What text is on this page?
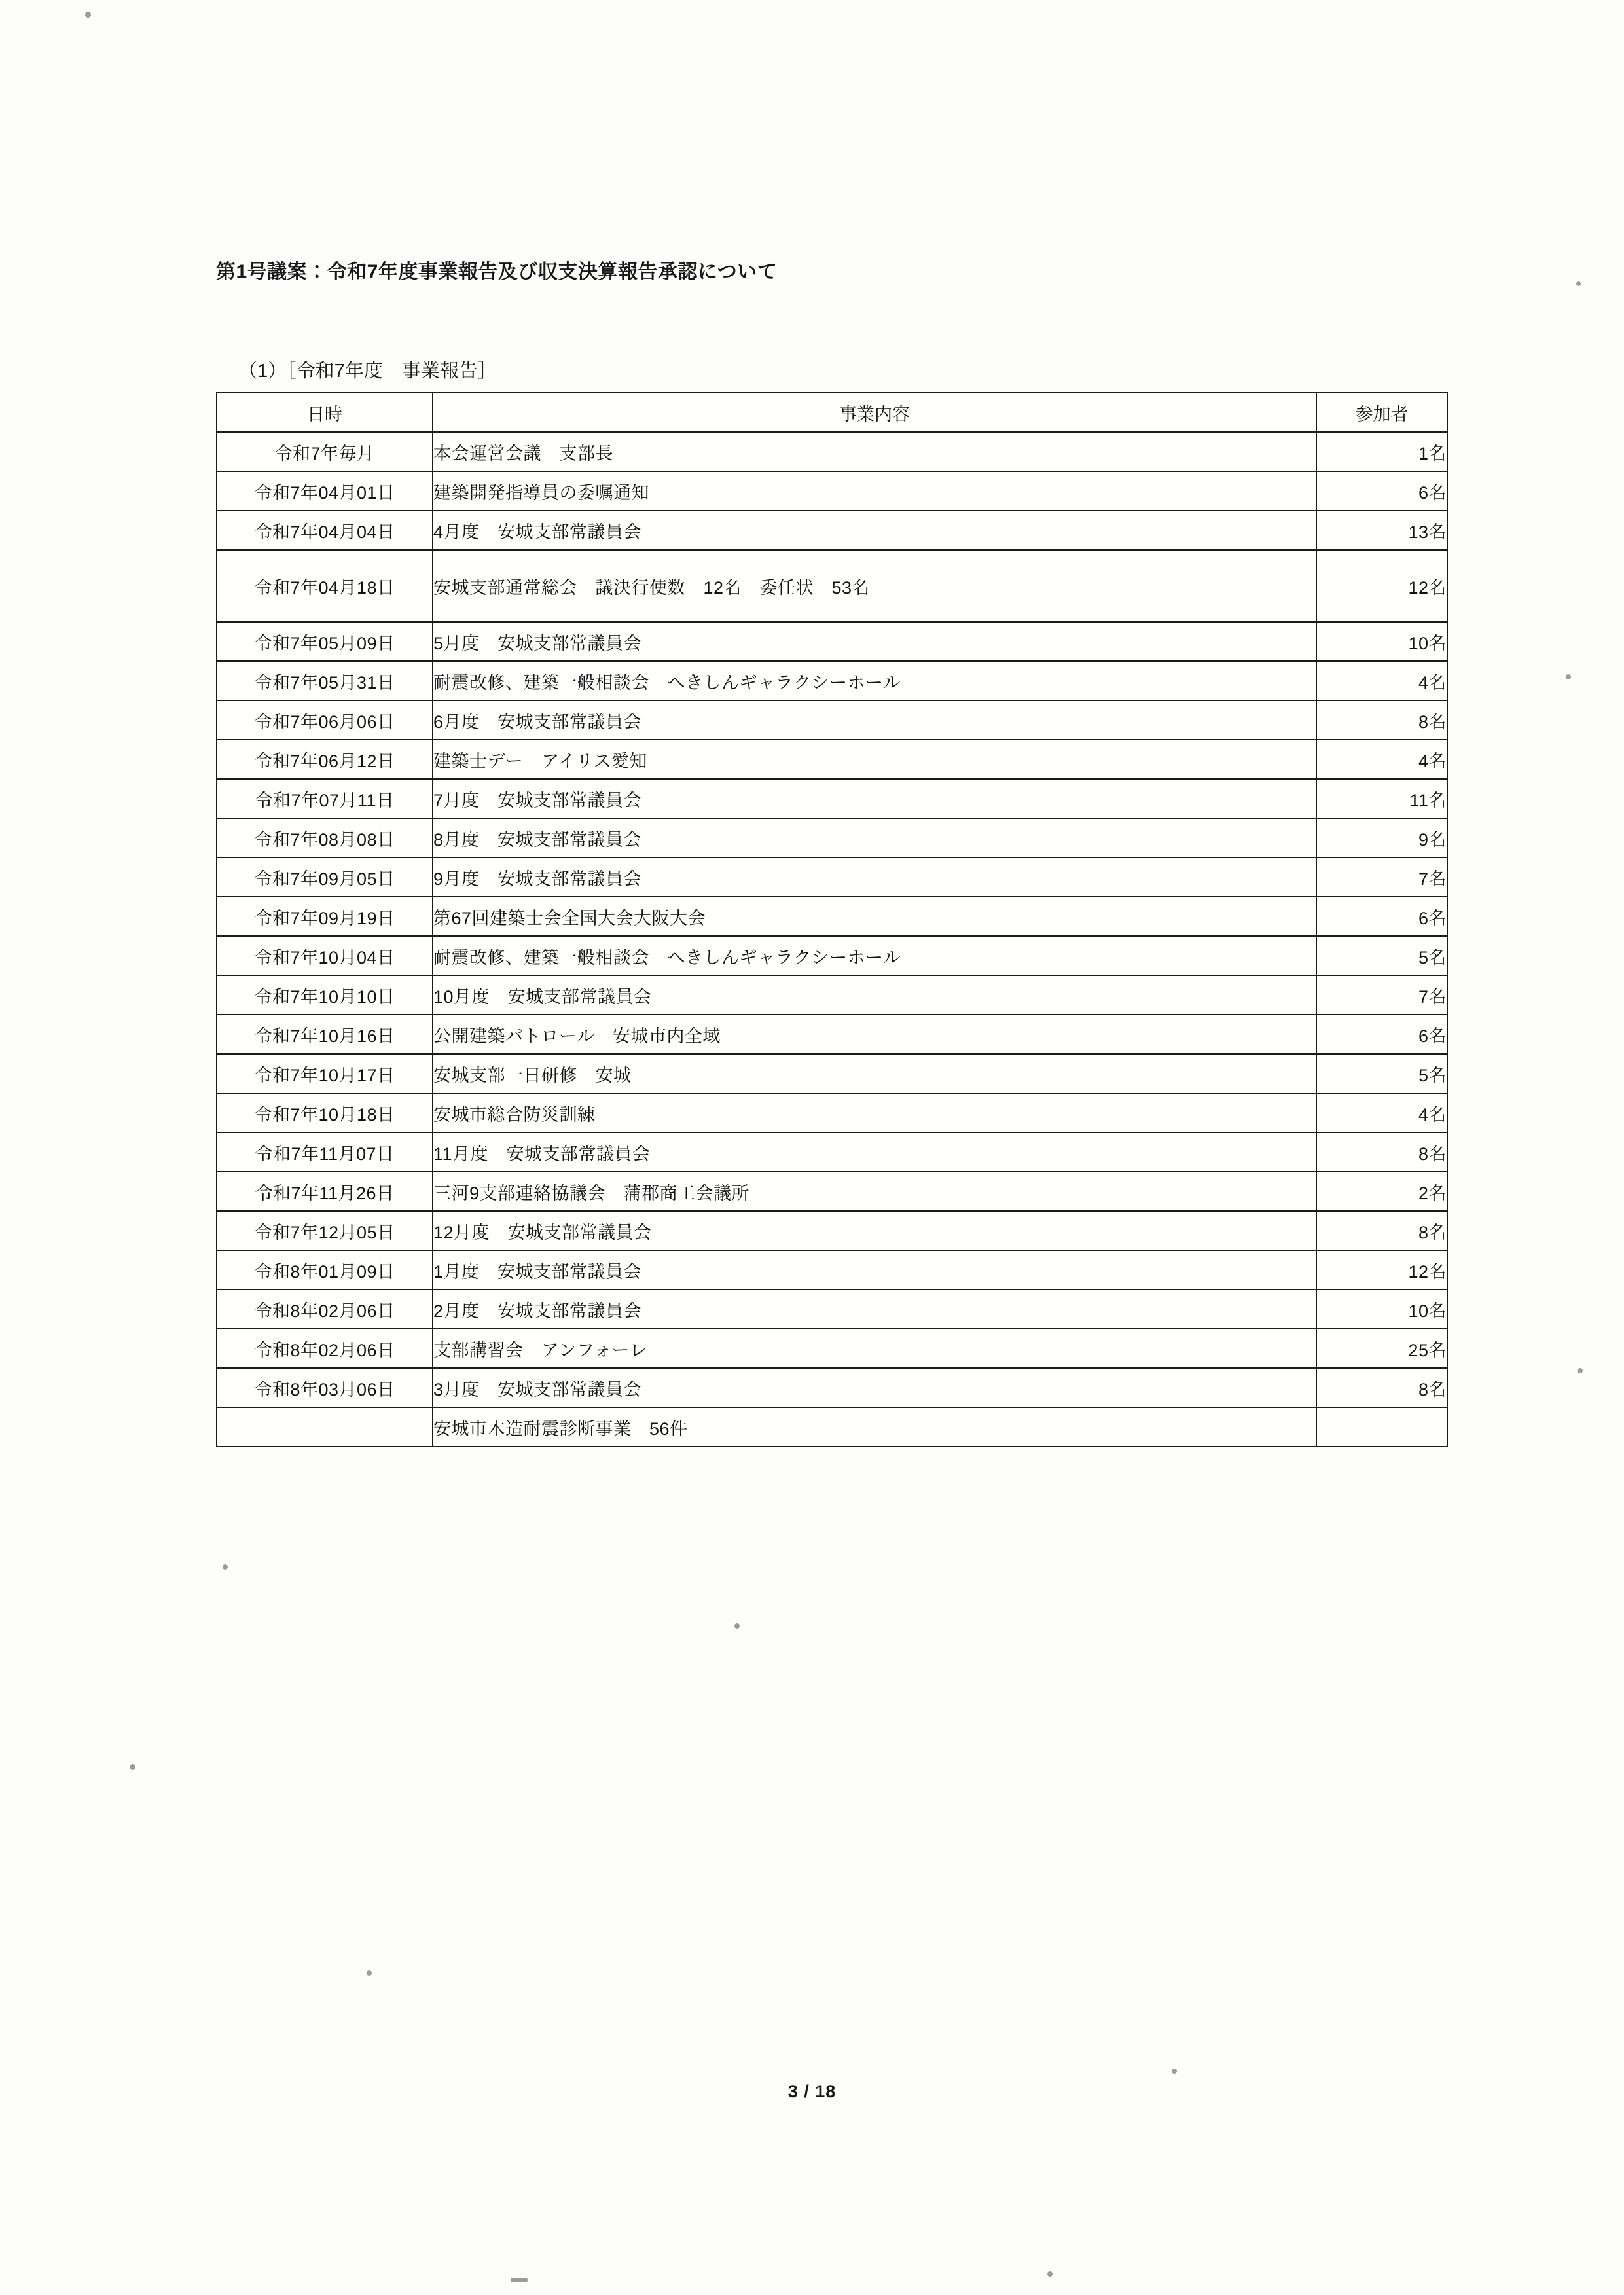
第1号議案：令和7年度事業報告及び収支決算報告承認について
（1）［令和7年度　事業報告］
日時	事業内容	参加者
令和7年毎月	本会運営会議　支部長	1名
令和7年04月01日	建築開発指導員の委嘱通知	6名
令和7年04月04日	4月度　安城支部常議員会	13名
令和7年04月18日	安城支部通常総会　議決行使数　12名　委任状　53名	12名
令和7年05月09日	5月度　安城支部常議員会	10名
令和7年05月31日	耐震改修、建築一般相談会　へきしんギャラクシーホール	4名
令和7年06月06日	6月度　安城支部常議員会	8名
令和7年06月12日	建築士デー　アイリス愛知	4名
令和7年07月11日	7月度　安城支部常議員会	11名
令和7年08月08日	8月度　安城支部常議員会	9名
令和7年09月05日	9月度　安城支部常議員会	7名
令和7年09月19日	第67回建築士会全国大会大阪大会	6名
令和7年10月04日	耐震改修、建築一般相談会　へきしんギャラクシーホール	5名
令和7年10月10日	10月度　安城支部常議員会	7名
令和7年10月16日	公開建築パトロール　安城市内全域	6名
令和7年10月17日	安城支部一日研修　安城	5名
令和7年10月18日	安城市総合防災訓練	4名
令和7年11月07日	11月度　安城支部常議員会	8名
令和7年11月26日	三河9支部連絡協議会　蒲郡商工会議所	2名
令和7年12月05日	12月度　安城支部常議員会	8名
令和8年01月09日	1月度　安城支部常議員会	12名
令和8年02月06日	2月度　安城支部常議員会	10名
令和8年02月06日	支部講習会　アンフォーレ	25名
令和8年03月06日	3月度　安城支部常議員会	8名
	安城市木造耐震診断事業　56件	
3 / 18
